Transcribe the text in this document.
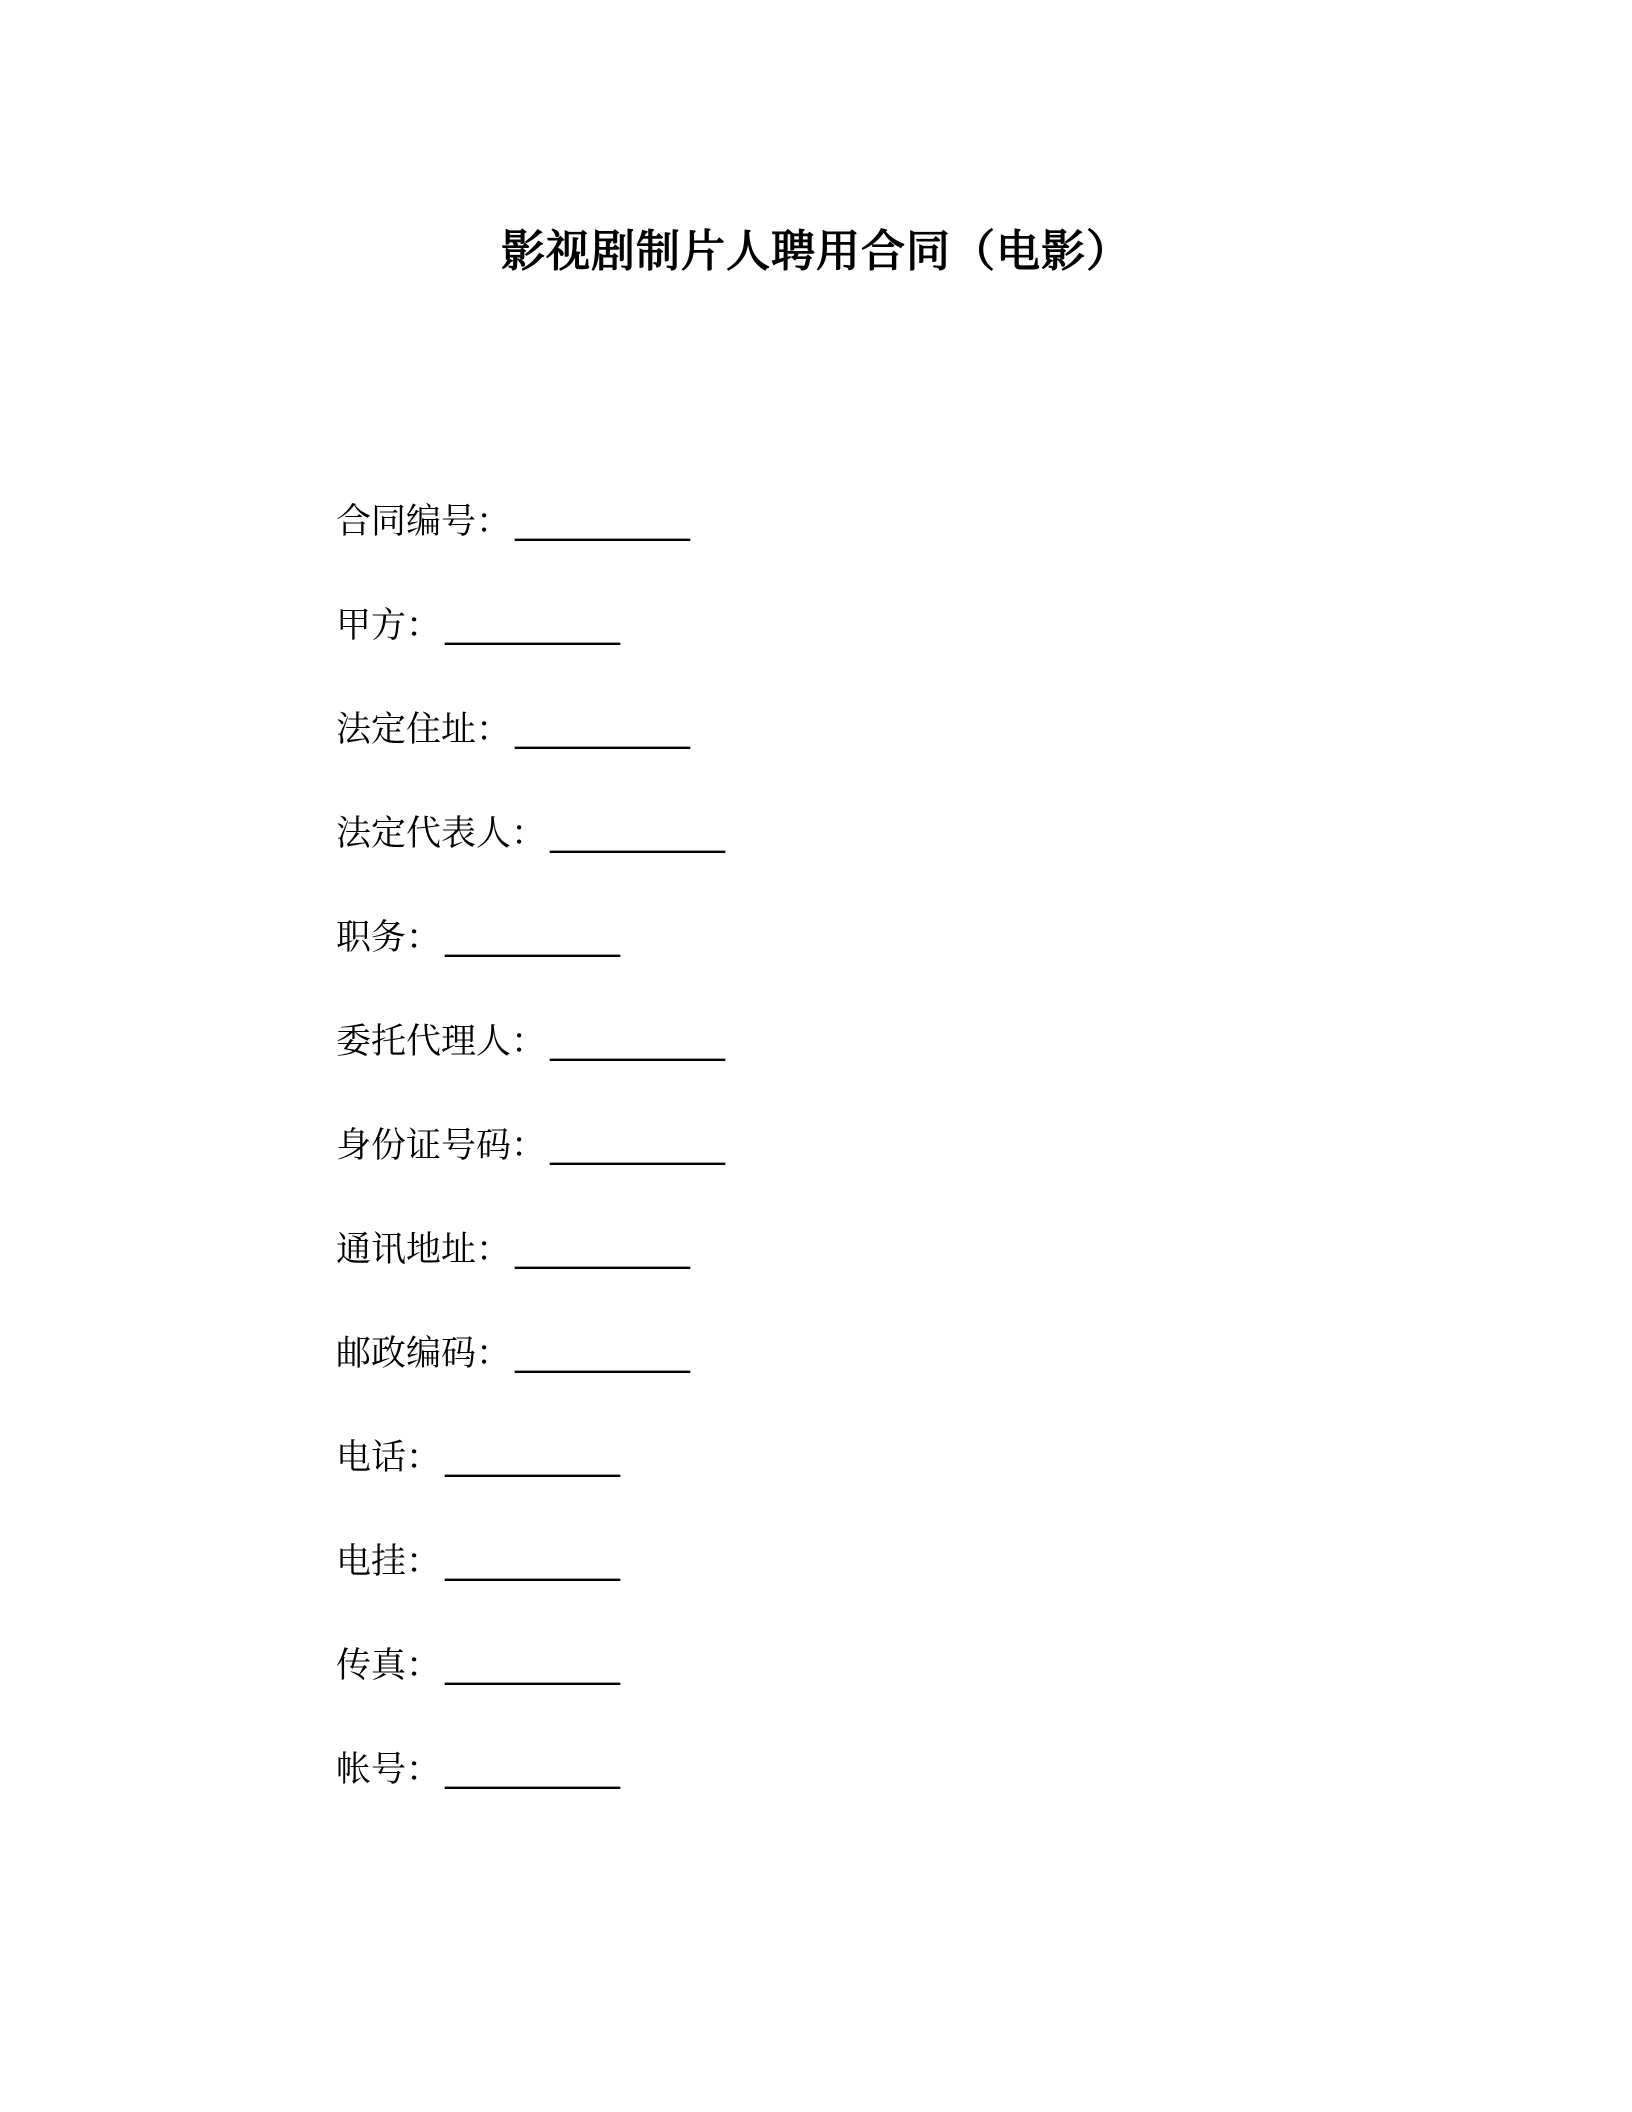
影视剧制片人聘用合同（电影）
合同编号： __________
甲方： __________
法定住址： __________
法定代表人： __________
职务： __________
委托代理人： __________
身份证号码： __________
通讯地址： __________
邮政编码： __________
电话： __________
电挂： __________
传真： __________
帐号： __________
